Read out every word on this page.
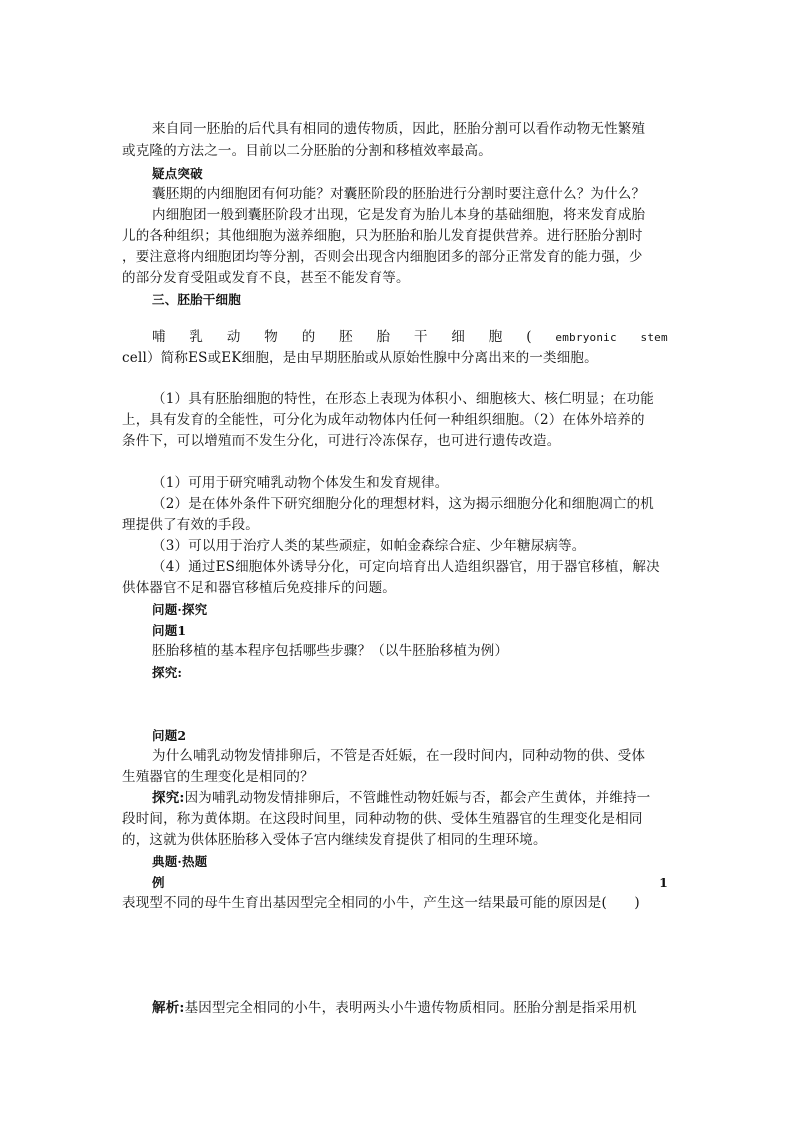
来自同一胚胎的后代具有相同的遗传物质，因此，胚胎分割可以看作动物无性繁殖
或克隆的方法之一。目前以二分胚胎的分割和移植效率最高。
疑点突破
囊胚期的内细胞团有何功能？对囊胚阶段的胚胎进行分割时要注意什么？为什么？
内细胞团一般到囊胚阶段才出现，它是发育为胎儿本身的基础细胞，将来发育成胎
儿的各种组织；其他细胞为滋养细胞，只为胚胎和胎儿发育提供营养。进行胚胎分割时
，要注意将内细胞团均等分割，否则会出现含内细胞团多的部分正常发育的能力强，少
的部分发育受阻或发育不良，甚至不能发育等。
三、胚胎干细胞
哺 乳 动 物 的 胚 胎 干 细 胞 ( embryonic stem
cell）简称ES或EK细胞，是由早期胚胎或从原始性腺中分离出来的一类细胞。
（1）具有胚胎细胞的特性，在形态上表现为体积小、细胞核大、核仁明显；在功能
上，具有发育的全能性，可分化为成年动物体内任何一种组织细胞。（2）在体外培养的
条件下，可以增殖而不发生分化，可进行冷冻保存，也可进行遗传改造。
（1）可用于研究哺乳动物个体发生和发育规律。
（2）是在体外条件下研究细胞分化的理想材料，这为揭示细胞分化和细胞凋亡的机
理提供了有效的手段。
（3）可以用于治疗人类的某些顽症，如帕金森综合症、少年糖尿病等。
（4）通过ES细胞体外诱导分化，可定向培育出人造组织器官，用于器官移植，解决
供体器官不足和器官移植后免疫排斥的问题。
问题·探究
问题1
胚胎移植的基本程序包括哪些步骤？（以牛胚胎移植为例）
探究:
问题2
为什么哺乳动物发情排卵后，不管是否妊娠，在一段时间内，同种动物的供、受体
生殖器官的生理变化是相同的？
探究:因为哺乳动物发情排卵后，不管雌性动物妊娠与否，都会产生黄体，并维持一
段时间，称为黄体期。在这段时间里，同种动物的供、受体生殖器官的生理变化是相同
的，这就为供体胚胎移入受体子宫内继续发育提供了相同的生理环境。
典题·热题
例	1
表现型不同的母牛生育出基因型完全相同的小牛，产生这一结果最可能的原因是(　　)
解析:基因型完全相同的小牛，表明两头小牛遗传物质相同。胚胎分割是指采用机
